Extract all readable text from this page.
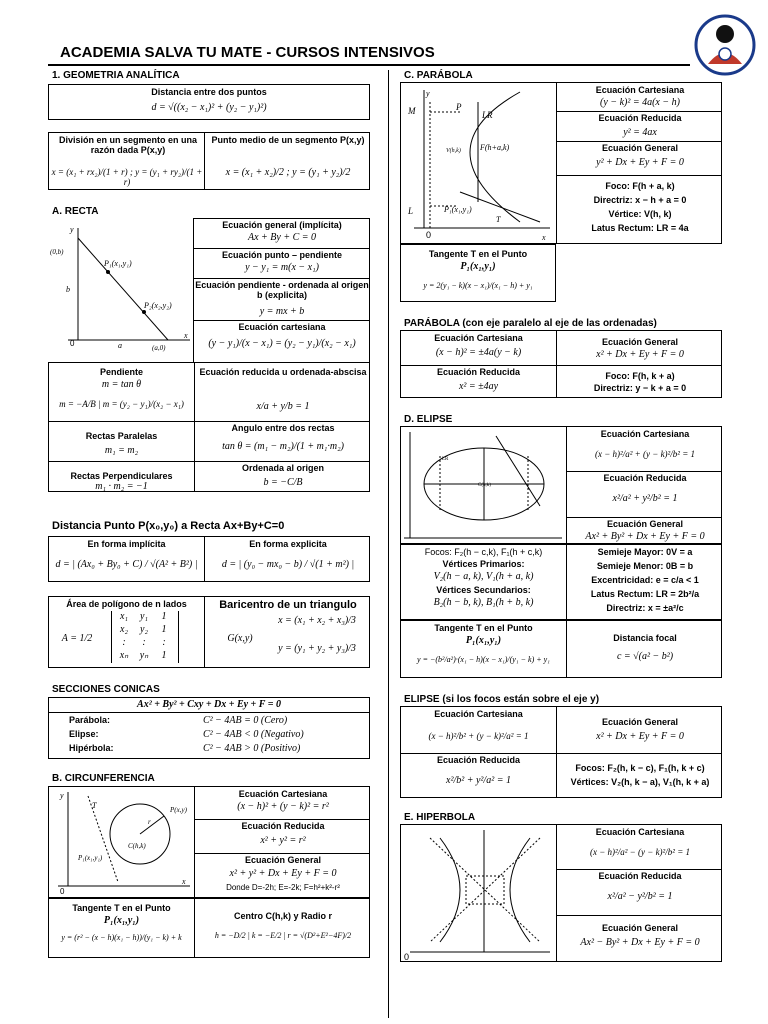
ACADEMIA SALVA TU MATE - CURSOS INTENSIVOS
1. GEOMETRIA ANALÍTICA
Distancia entre dos puntos
d = √((x₂ − x₁)² + (y₂ − y₁)²)
División en un segmento en una razón dada P(x,y)
x = (x₁ + rx₂)/(1 + r) ; y = (y₁ + ry₂)/(1 + r)
Punto medio de un segmento P(x,y)
x = (x₁ + x₂)/2 ; y = (y₁ + y₂)/2
A. RECTA
y
x
0
(0,b)
b
a	(a,0)
P₁(x₁,y₁)
P₂(x₂,y₂)
Ecuación general (implícita)
Ax + By + C = 0
Ecuación punto – pendiente
y − y₁ = m(x − x₁)
Ecuación pendiente - ordenada al origen b (explicita)
y = mx + b
Ecuación cartesiana
(y − y₁)/(x − x₁) = (y₂ − y₁)/(x₂ − x₁)
Pendiente
m = tan θ
m = −A/B | m = (y₂ − y₁)/(x₂ − x₁)
Ecuación reducida u ordenada-abscisa
x/a + y/b = 1
Rectas Paralelas
m₁ = m₂
Angulo entre dos rectas
tan θ = (m₁ − m₂)/(1 + m₁·m₂)
Rectas Perpendiculares
m₁ · m₂ = −1
Ordenada al origen
b = −C/B
Distancia Punto P(x₀,y₀) a Recta Ax+By+C=0
En forma implícita
d = | (Ax₀ + By₀ + C) / √(A² + B²) |
En forma explicita
d = | (y₀ − mx₀ − b) / √(1 + m²) |
Área de polígono de n lados
A = 1/2
x₁	y₁	1
x₂	y₂	1
:	:	:
xₙ	yₙ	1
Baricentro de un triangulo
G(x,y)
x = (x₁ + x₂ + x₃)/3
y = (y₁ + y₂ + y₃)/3
SECCIONES CONICAS
Ax² + By² + Cxy + Dx + Ey + F = 0
Parábola:	C² − 4AB = 0 (Cero)
Elipse:	C² − 4AB < 0 (Negativo)
Hipérbola:	C² − 4AB > 0 (Positivo)
B. CIRCUNFERENCIA
y
x
0
T	P(x,y)
r
C(h,k)
P₁(x₁,y₁)
Ecuación Cartesiana
(x − h)² + (y − k)² = r²
Ecuación Reducida
x² + y² = r²
Ecuación General
x² + y² + Dx + Ey + F = 0
Donde D=-2h; E=-2k; F=h²+k²-r²
Tangente T en el Punto
P₁(x₁,y₁)
y = (r² − (x − h)(x₁ − h))/(y₁ − k) + k
Centro C(h,k) y Radio r
h = −D/2 | k = −E/2 | r = √(D²+E²−4F)/2
C. PARÁBOLA
y
x
0
M	P
LR
V(h,k) F(h+a,k)
L	P₁(x₁,y₁)
T
Ecuación Cartesiana
(y − k)² = 4a(x − h)
Ecuación Reducida
y² = 4ax
Ecuación General
y² + Dx + Ey + F = 0
Foco: F(h + a, k)
Directriz: x − h + a = 0
Vértice: V(h, k)
Latus Rectum: LR = 4a
Tangente T en el Punto
P₁(x₁,y₁)
y = 2(y₁ − k)(x − x₁)/(x₁ − h) + y₁
PARÁBOLA (con eje paralelo al eje de las ordenadas)
Ecuación Cartesiana
(x − h)² = ±4a(y − k)
Ecuación General
x² + Dx + Ey + F = 0
Ecuación Reducida
x² = ±4ay
Foco: F(h, k + a)
Directriz: y − k + a = 0
D. ELIPSE
LR
C(h,k)
Ecuación Cartesiana
(x − h)²/a² + (y − k)²/b² = 1
Ecuación Reducida
x²/a² + y²/b² = 1
Ecuación General
Ax² + By² + Dx + Ey + F = 0
Focos: F₂(h − c,k), F₁(h + c,k)
Vértices Primarios:
V₂(h − a, k), V₁(h + a, k)
Vértices Secundarios:
B₂(h − b, k), B₁(h + b, k)
Semieje Mayor: 0V = a
Semieje Menor: 0B = b
Excentricidad: e = c/a < 1
Latus Rectum: LR = 2b²/a
Directriz: x = ±a²/c
Tangente T en el Punto
P₁(x₁,y₁)
y = −(b²/a²)·(x₁ − h)(x − x₁)/(y₁ − k) + y₁
Distancia focal
c = √(a² − b²)
ELIPSE (si los focos están sobre el eje y)
Ecuación Cartesiana
(x − h)²/b² + (y − k)²/a² = 1
Ecuación General
x² + Dx + Ey + F = 0
Ecuación Reducida
x²/b² + y²/a² = 1
Focos: F₂(h, k − c), F₁(h, k + c)
Vértices: V₂(h, k − a), V₁(h, k + a)
E. HIPERBOLA
0
Ecuación Cartesiana
(x − h)²/a² − (y − k)²/b² = 1
Ecuación Reducida
x²/a² − y²/b² = 1
Ecuación General
Ax² − By² + Dx + Ey + F = 0
